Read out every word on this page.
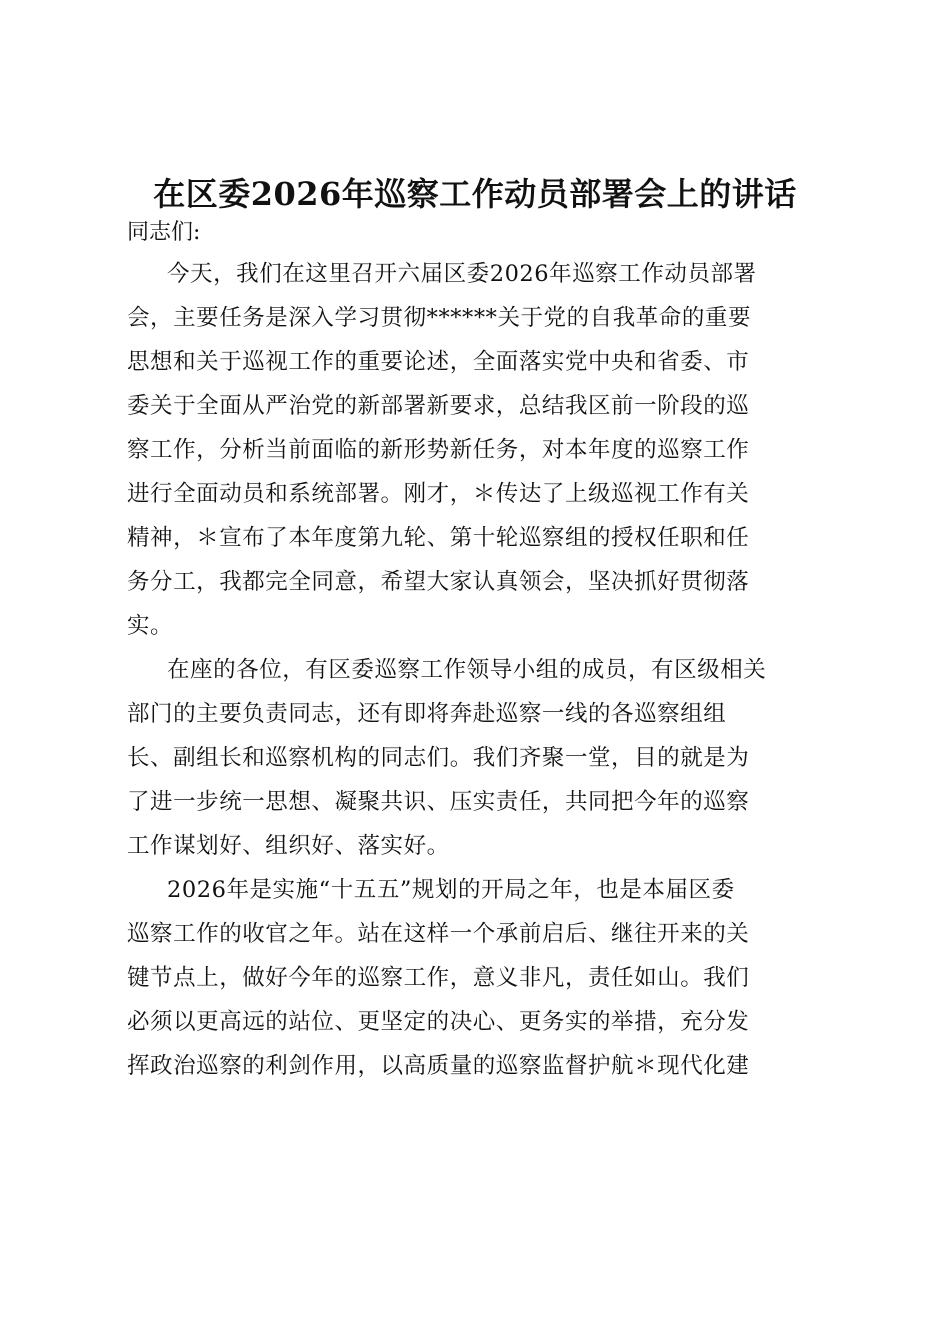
在区委2026年巡察工作动员部署会上的讲话
同志们:
今天，我们在这里召开六届区委2026年巡察工作动员部署
会，主要任务是深入学习贯彻******关于党的自我革命的重要
思想和关于巡视工作的重要论述，全面落实党中央和省委、市
委关于全面从严治党的新部署新要求，总结我区前一阶段的巡
察工作，分析当前面临的新形势新任务，对本年度的巡察工作
进行全面动员和系统部署。刚才，＊传达了上级巡视工作有关
精神，＊宣布了本年度第九轮、第十轮巡察组的授权任职和任
务分工，我都完全同意，希望大家认真领会，坚决抓好贯彻落
实。
在座的各位，有区委巡察工作领导小组的成员，有区级相关
部门的主要负责同志，还有即将奔赴巡察一线的各巡察组组
长、副组长和巡察机构的同志们。我们齐聚一堂，目的就是为
了进一步统一思想、凝聚共识、压实责任，共同把今年的巡察
工作谋划好、组织好、落实好。
2026年是实施“十五五”规划的开局之年，也是本届区委
巡察工作的收官之年。站在这样一个承前启后、继往开来的关
键节点上，做好今年的巡察工作，意义非凡，责任如山。我们
必须以更高远的站位、更坚定的决心、更务实的举措，充分发
挥政治巡察的利剑作用，以高质量的巡察监督护航＊现代化建
